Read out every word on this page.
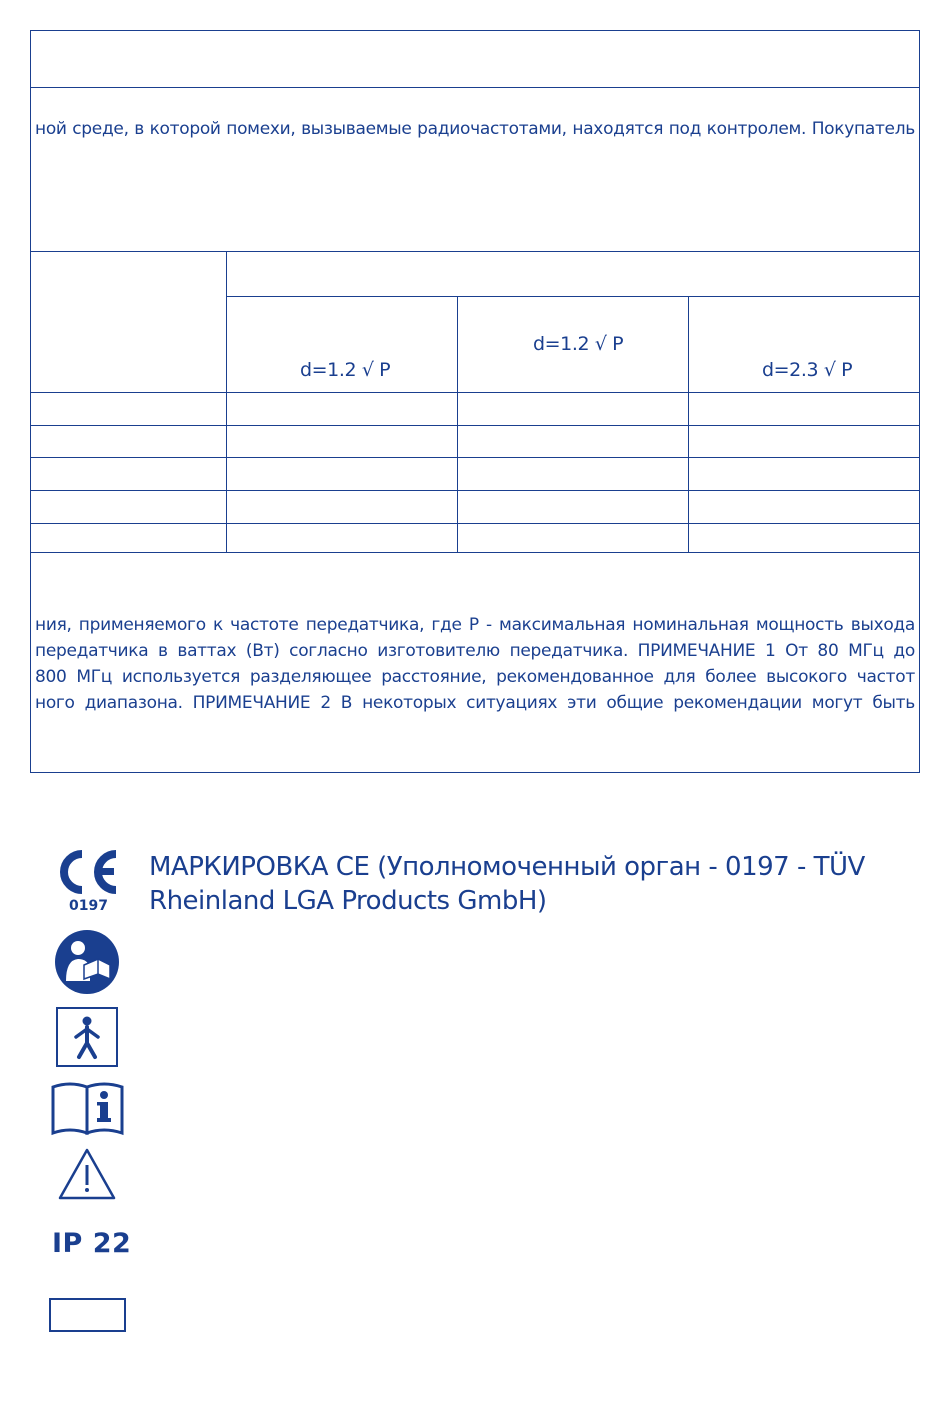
ной среде, в которой помехи, вызываемые радиочастотами, находятся под контролем. Покупатель
d=1.2 √ P
d=1.2 √ P
d=2.3 √ P
ния, применяемого к частоте передатчика, где P - максимальная номинальная мощность выхода
передатчика в ваттах (Вт) согласно изготовителю передатчика. ПРИМЕЧАНИЕ 1 От 80 МГц до
800 МГц используется разделяющее расстояние, рекомендованное для более высокого частот
ного диапазона. ПРИМЕЧАНИЕ 2 В некоторых ситуациях эти общие рекомендации могут быть
0197
МАРКИРОВКА CE (Уполномоченный орган - 0197 - TÜV
Rheinland LGA Products GmbH)
IP 22
